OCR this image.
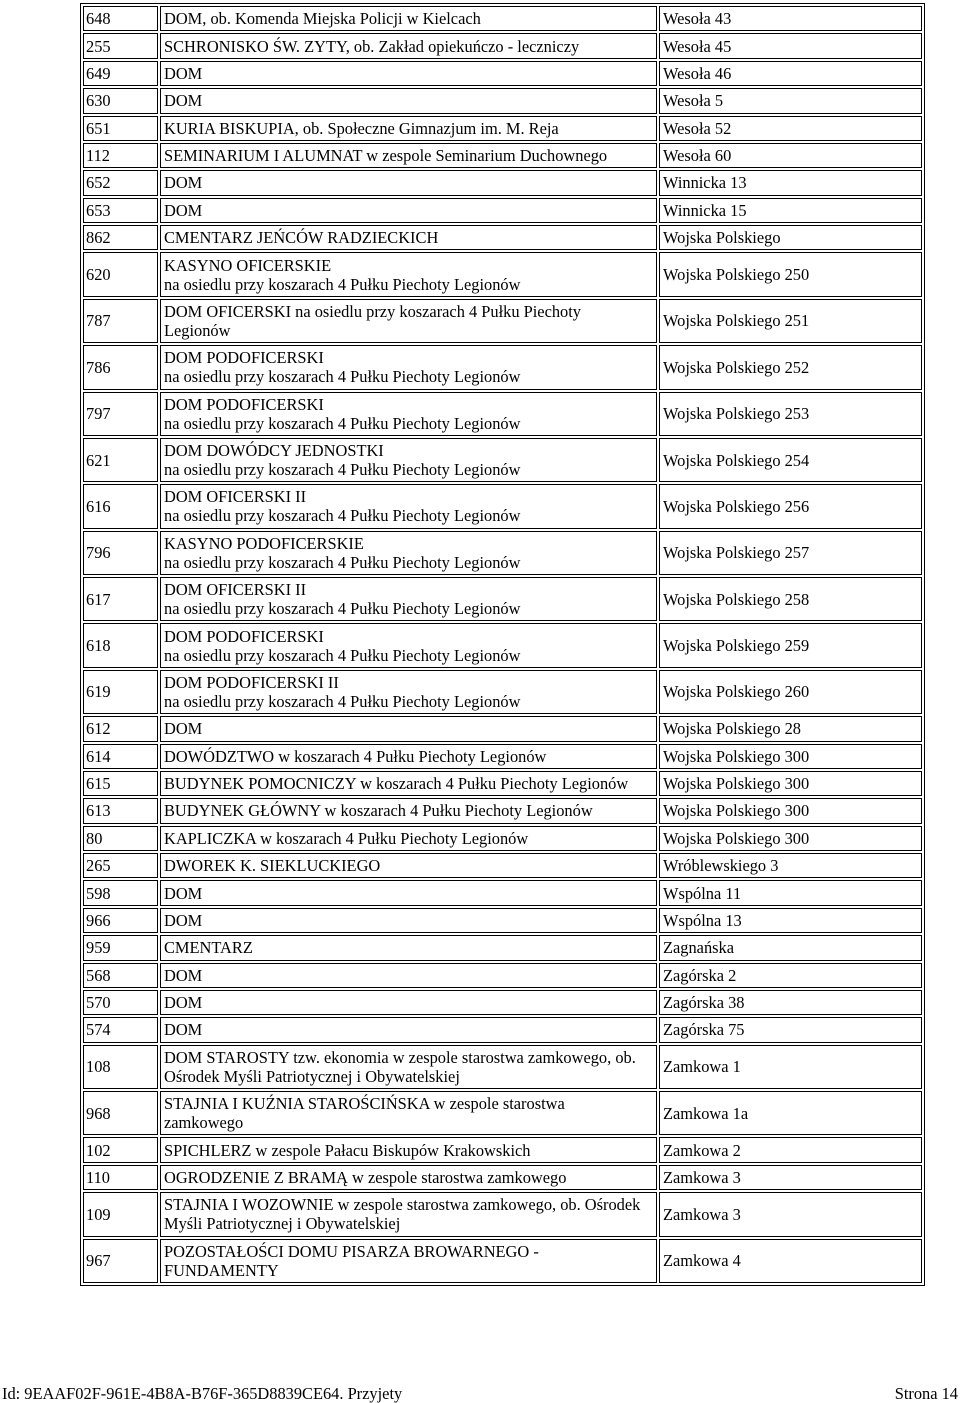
648	DOM, ob. Komenda Miejska Policji w Kielcach	Wesoła 43
255	SCHRONISKO ŚW. ZYTY, ob. Zakład opiekuńczo - leczniczy	Wesoła 45
649	DOM	Wesoła 46
630	DOM	Wesoła 5
651	KURIA BISKUPIA, ob. Społeczne Gimnazjum im. M. Reja	Wesoła 52
112	SEMINARIUM I ALUMNAT w zespole Seminarium Duchownego	Wesoła 60
652	DOM	Winnicka 13
653	DOM	Winnicka 15
862	CMENTARZ JEŃCÓW RADZIECKICH	Wojska Polskiego
620	KASYNO OFICERSKIE
na osiedlu przy koszarach 4 Pułku Piechoty Legionów	Wojska Polskiego 250
787	DOM OFICERSKI na osiedlu przy koszarach 4 Pułku Piechoty
Legionów	Wojska Polskiego 251
786	DOM PODOFICERSKI
na osiedlu przy koszarach 4 Pułku Piechoty Legionów	Wojska Polskiego 252
797	DOM PODOFICERSKI
na osiedlu przy koszarach 4 Pułku Piechoty Legionów	Wojska Polskiego 253
621	DOM DOWÓDCY JEDNOSTKI
na osiedlu przy koszarach 4 Pułku Piechoty Legionów	Wojska Polskiego 254
616	DOM OFICERSKI II
na osiedlu przy koszarach 4 Pułku Piechoty Legionów	Wojska Polskiego 256
796	KASYNO PODOFICERSKIE
na osiedlu przy koszarach 4 Pułku Piechoty Legionów	Wojska Polskiego 257
617	DOM OFICERSKI II
na osiedlu przy koszarach 4 Pułku Piechoty Legionów	Wojska Polskiego 258
618	DOM PODOFICERSKI
na osiedlu przy koszarach 4 Pułku Piechoty Legionów	Wojska Polskiego 259
619	DOM PODOFICERSKI II
na osiedlu przy koszarach 4 Pułku Piechoty Legionów	Wojska Polskiego 260
612	DOM	Wojska Polskiego 28
614	DOWÓDZTWO w koszarach 4 Pułku Piechoty Legionów	Wojska Polskiego 300
615	BUDYNEK POMOCNICZY w koszarach 4 Pułku Piechoty Legionów	Wojska Polskiego 300
613	BUDYNEK GŁÓWNY w koszarach 4 Pułku Piechoty Legionów	Wojska Polskiego 300
80	KAPLICZKA w koszarach 4 Pułku Piechoty Legionów	Wojska Polskiego 300
265	DWOREK K. SIEKLUCKIEGO	Wróblewskiego 3
598	DOM	Wspólna 11
966	DOM	Wspólna 13
959	CMENTARZ	Zagnańska
568	DOM	Zagórska 2
570	DOM	Zagórska 38
574	DOM	Zagórska 75
108	DOM STAROSTY tzw. ekonomia w zespole starostwa zamkowego, ob.
Ośrodek Myśli Patriotycznej i Obywatelskiej	Zamkowa 1
968	STAJNIA I KUŹNIA STAROŚCIŃSKA w zespole starostwa
zamkowego	Zamkowa 1a
102	SPICHLERZ w zespole Pałacu Biskupów Krakowskich	Zamkowa 2
110	OGRODZENIE Z BRAMĄ w zespole starostwa zamkowego	Zamkowa 3
109	STAJNIA I WOZOWNIE w zespole starostwa zamkowego, ob. Ośrodek
Myśli Patriotycznej i Obywatelskiej	Zamkowa 3
967	POZOSTAŁOŚCI DOMU PISARZA BROWARNEGO -
FUNDAMENTY	Zamkowa 4
Id: 9EAAF02F-961E-4B8A-B76F-365D8839CE64. Przyjety	Strona 14
